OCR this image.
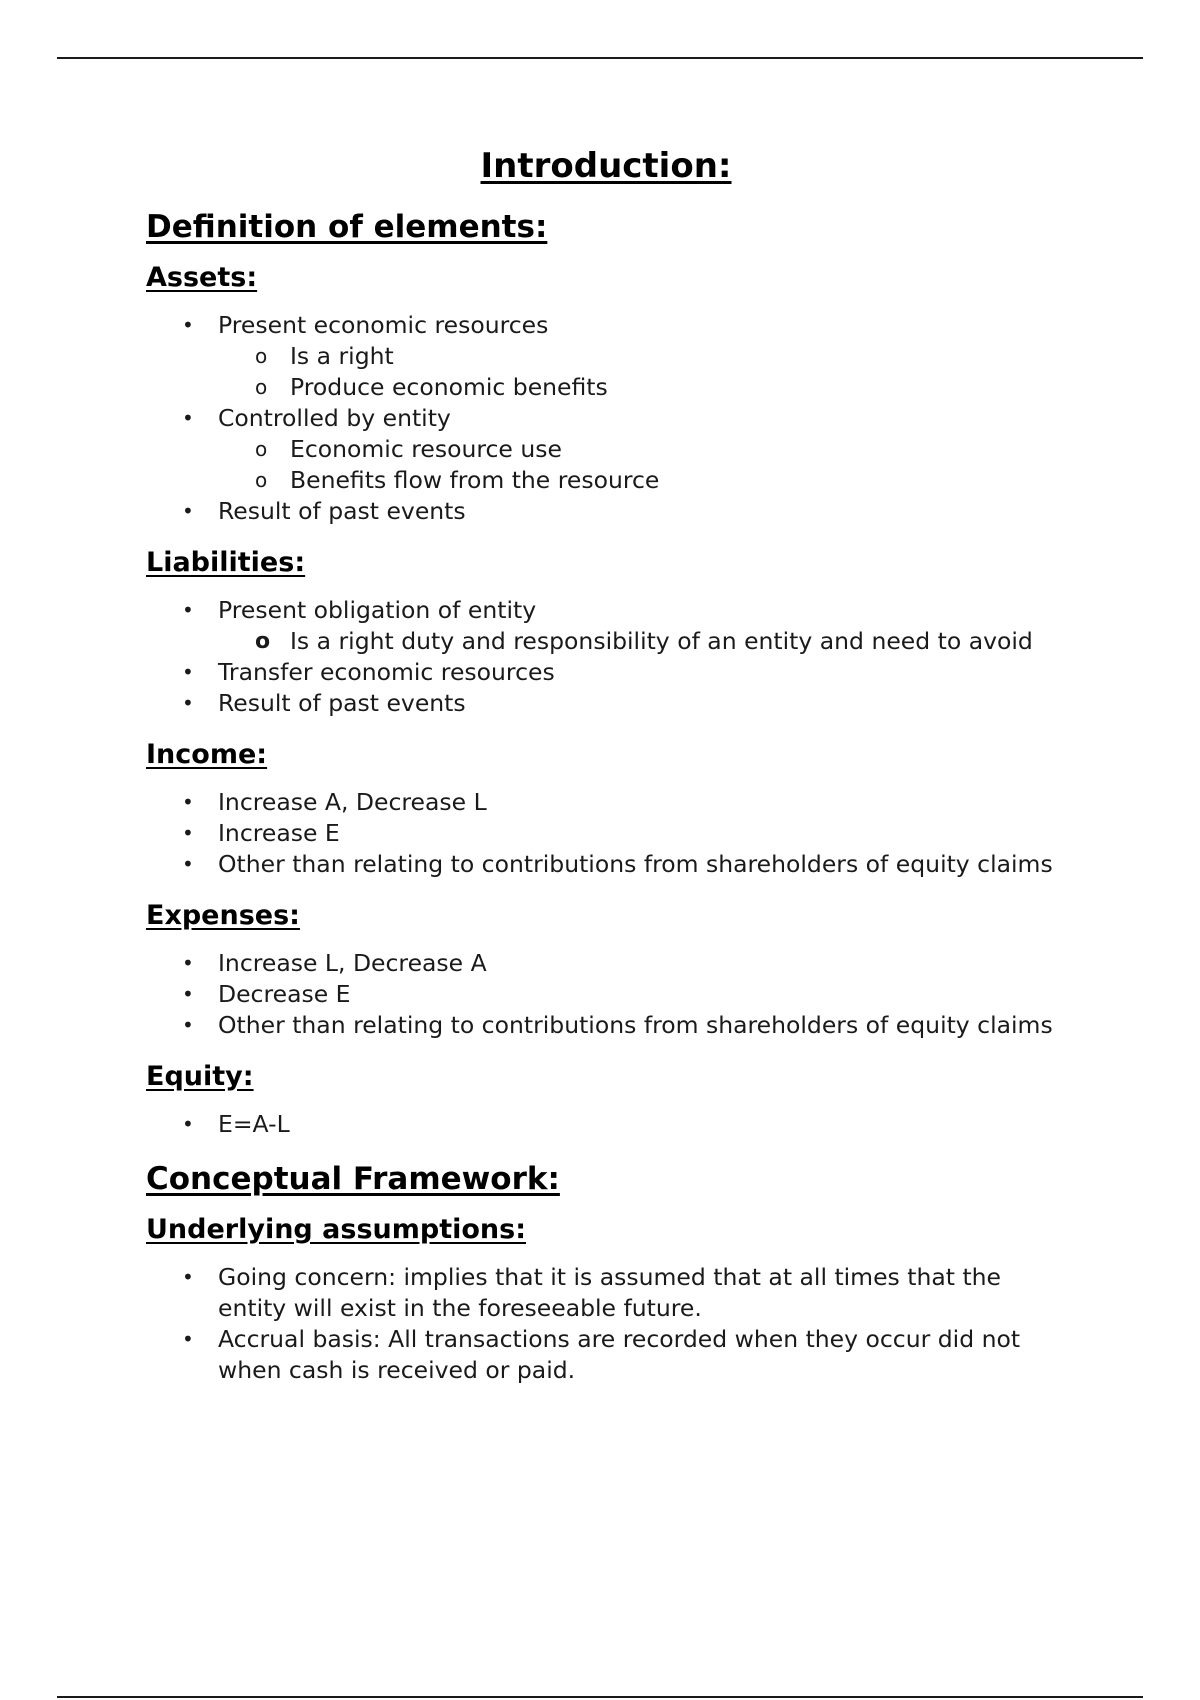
Introduction:
Definition of elements:
Assets:
• Present economic resources
o Is a right
o Produce economic benefits
• Controlled by entity
o Economic resource use
o Benefits flow from the resource
• Result of past events
Liabilities:
• Present obligation of entity
o Is a right duty and responsibility of an entity and need to avoid
• Transfer economic resources
• Result of past events
Income:
• Increase A, Decrease L
• Increase E
• Other than relating to contributions from shareholders of equity claims
Expenses:
• Increase L, Decrease A
• Decrease E
• Other than relating to contributions from shareholders of equity claims
Equity:
• E=A-L
Conceptual Framework:
Underlying assumptions:
• Going concern: implies that it is assumed that at all times that the entity will exist in the foreseeable future.
• Accrual basis: All transactions are recorded when they occur did not when cash is received or paid.
